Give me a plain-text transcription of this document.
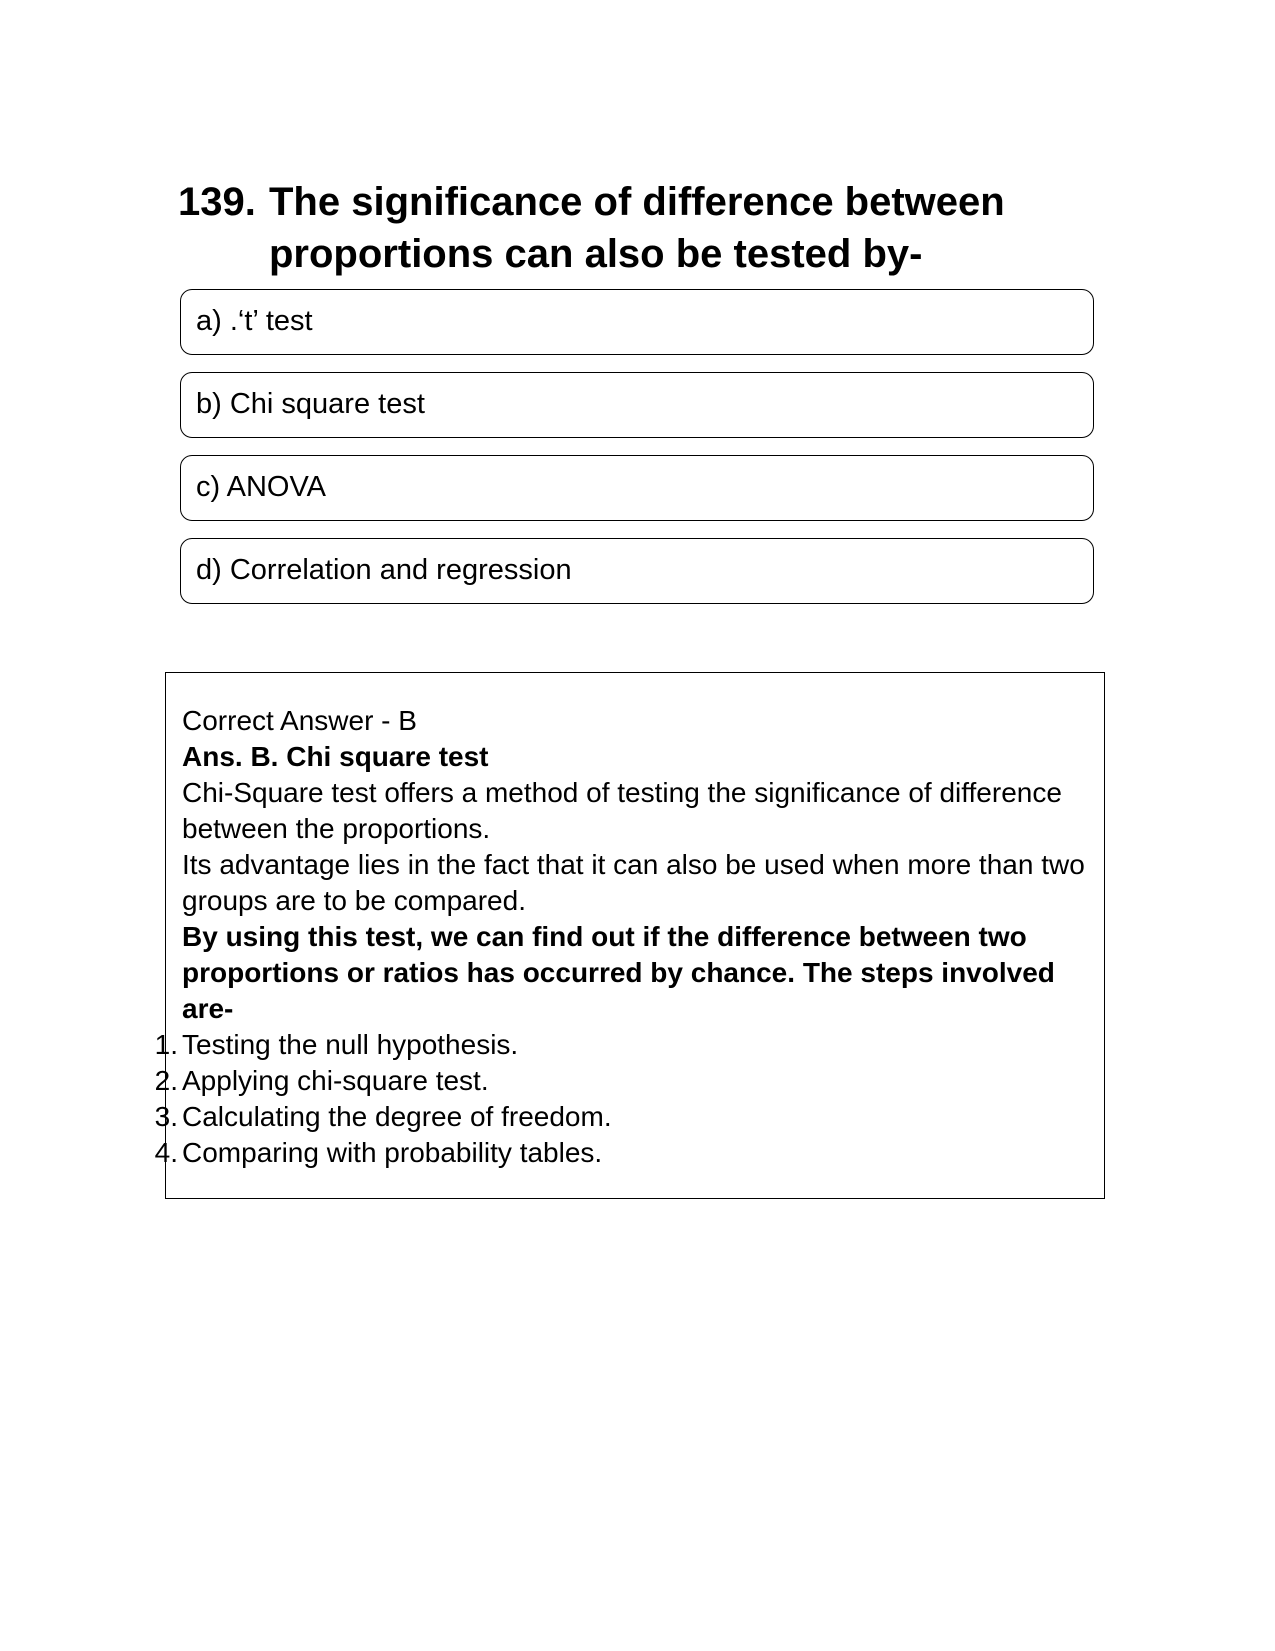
139. The significance of difference between proportions can also be tested by-
a) .‘t’ test
b) Chi square test
c) ANOVA
d) Correlation and regression

Correct Answer - B

Ans. B. Chi square test

Chi-Square test offers a method of testing the significance of difference between the proportions.

Its advantage lies in the fact that it can also be used when more than two groups are to be compared.

By using this test, we can find out if the difference between two proportions or ratios has occurred by chance. The steps involved are-

1. Testing the null hypothesis.
2. Applying chi-square test.
3. Calculating the degree of freedom.
4. Comparing with probability tables.
